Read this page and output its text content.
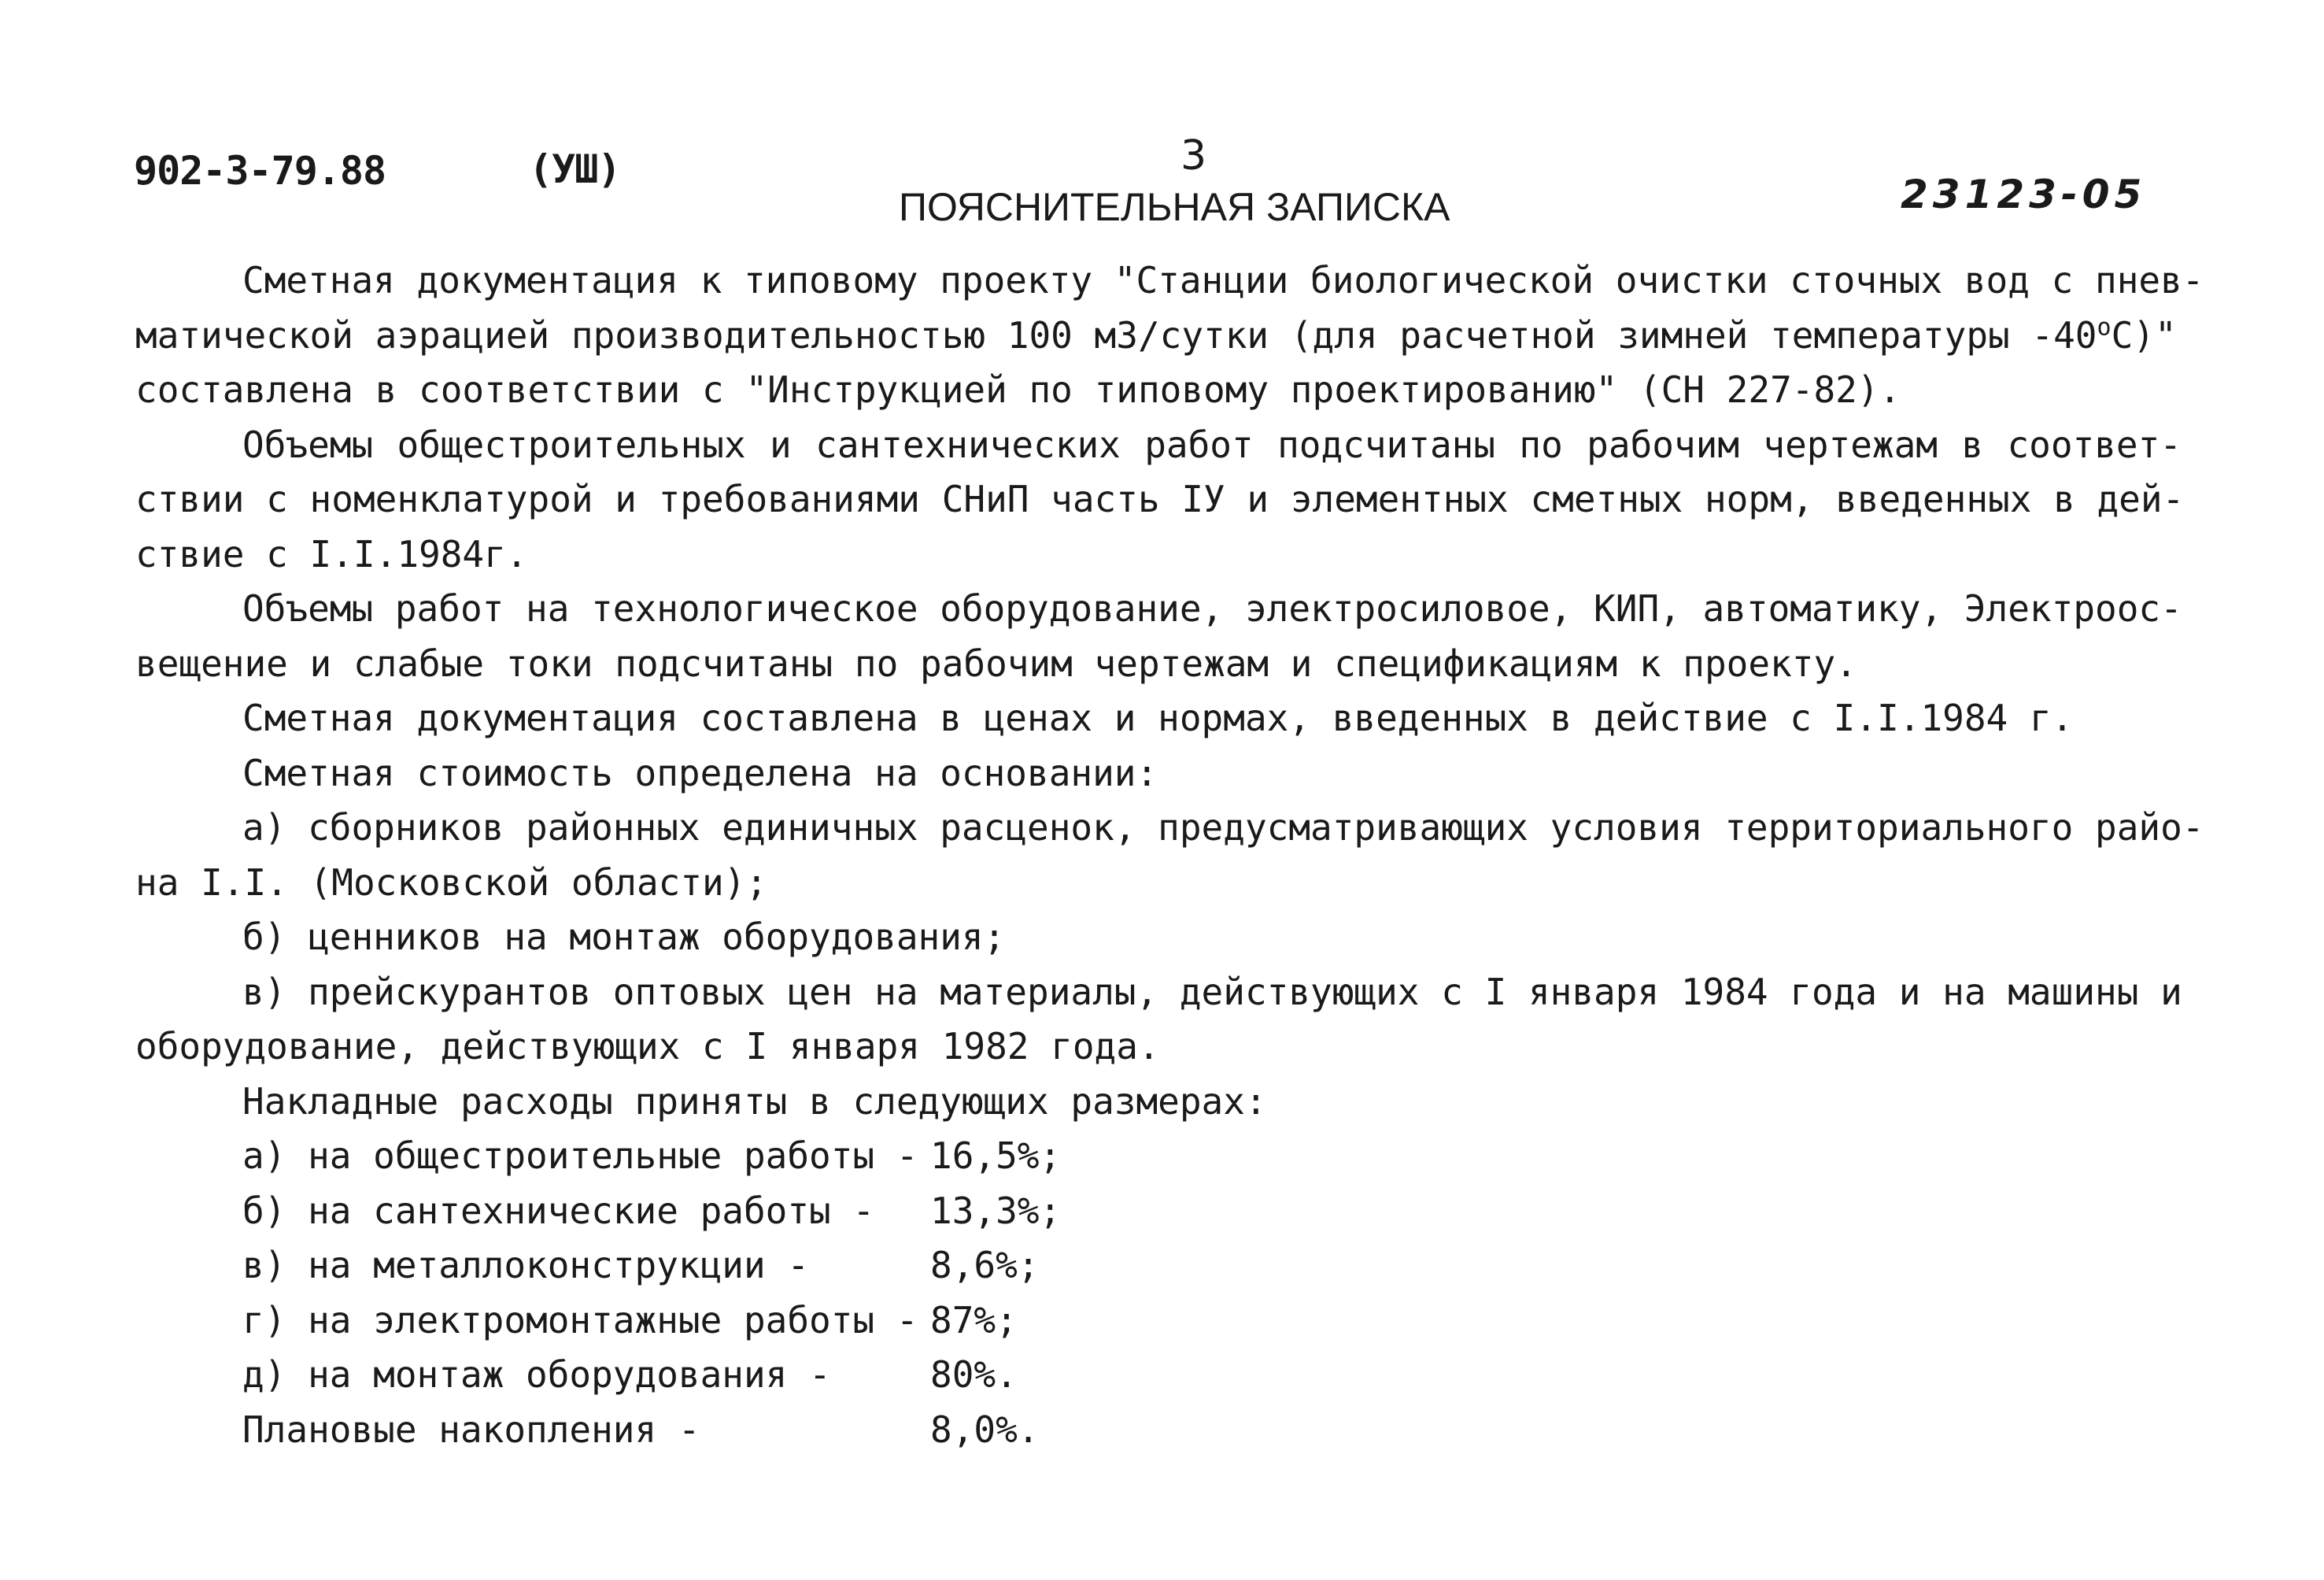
902-3-79.88	(УШ)	3
ПОЯСНИТЕЛЬНАЯ ЗАПИСКА	23123-05
Сметная документация к типовому проекту "Станции биологической очистки сточных вод с пнев-
матической аэрацией производительностью 100 м3/сутки (для расчетной зимней температуры $-40^оС$)"
составлена в соответствии с "Инструкцией по типовому проектированию" (СН 227-82).
Объемы общестроительных и сантехнических работ подсчитаны по рабочим чертежам в соответ-
ствии с номенклатурой и требованиями СНиП часть IУ и элементных сметных норм, введенных в дей-
ствие с I.I.1984г.
Объемы работ на технологическое оборудование, электросиловое, КИП, автоматику, Электроос-
вещение и слабые токи подсчитаны по рабочим чертежам и спецификациям к проекту.
Сметная документация составлена в ценах и нормах, введенных в действие с I.I.1984 г.
Сметная стоимость определена на основании:
а) сборников районных единичных расценок, предусматривающих условия территориального райо-
на I.I. (Московской области);
б) ценников на монтаж оборудования;
в) прейскурантов оптовых цен на материалы, действующих с I января 1984 года и на машины и
оборудование, действующих с I января 1982 года.
Накладные расходы приняты в следующих размерах:
а) на общестроительные работы - 16,5%;
б) на сантехнические работы - 13,3%;
в) на металлоконструкции -	8,6%;
г) на электромонтажные работы - 87%;
д) на монтаж оборудования -	80%.
Плановые накопления -	8,0%.
